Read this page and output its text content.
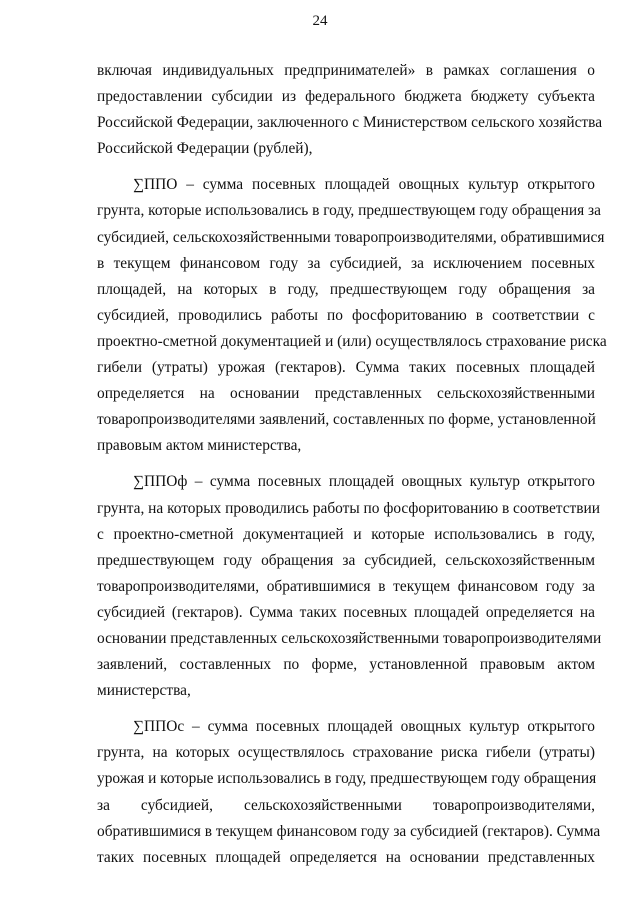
24
включая индивидуальных предпринимателей» в рамках соглашения о
предоставлении субсидии из федерального бюджета бюджету субъекта
Российской Федерации, заключенного с Министерством сельского хозяйства
Российской Федерации (рублей),
∑ППО – сумма посевных площадей овощных культур открытого
грунта, которые использовались в году, предшествующем году обращения за
субсидией, сельскохозяйственными товаропроизводителями, обратившимися
в текущем финансовом году за субсидией, за исключением посевных
площадей, на которых в году, предшествующем году обращения за
субсидией, проводились работы по фосфоритованию в соответствии с
проектно-сметной документацией и (или) осуществлялось страхование риска
гибели (утраты) урожая (гектаров). Сумма таких посевных площадей
определяется на основании представленных сельскохозяйственными
товаропроизводителями заявлений, составленных по форме, установленной
правовым актом министерства,
∑ППОф – сумма посевных площадей овощных культур открытого
грунта, на которых проводились работы по фосфоритованию в соответствии
с проектно-сметной документацией и которые использовались в году,
предшествующем году обращения за субсидией, сельскохозяйственным
товаропроизводителями, обратившимися в текущем финансовом году за
субсидией (гектаров). Сумма таких посевных площадей определяется на
основании представленных сельскохозяйственными товаропроизводителями
заявлений, составленных по форме, установленной правовым актом
министерства,
∑ППОс – сумма посевных площадей овощных культур открытого
грунта, на которых осуществлялось страхование риска гибели (утраты)
урожая и которые использовались в году, предшествующем году обращения
за субсидией, сельскохозяйственными товаропроизводителями,
обратившимися в текущем финансовом году за субсидией (гектаров). Сумма
таких посевных площадей определяется на основании представленных
